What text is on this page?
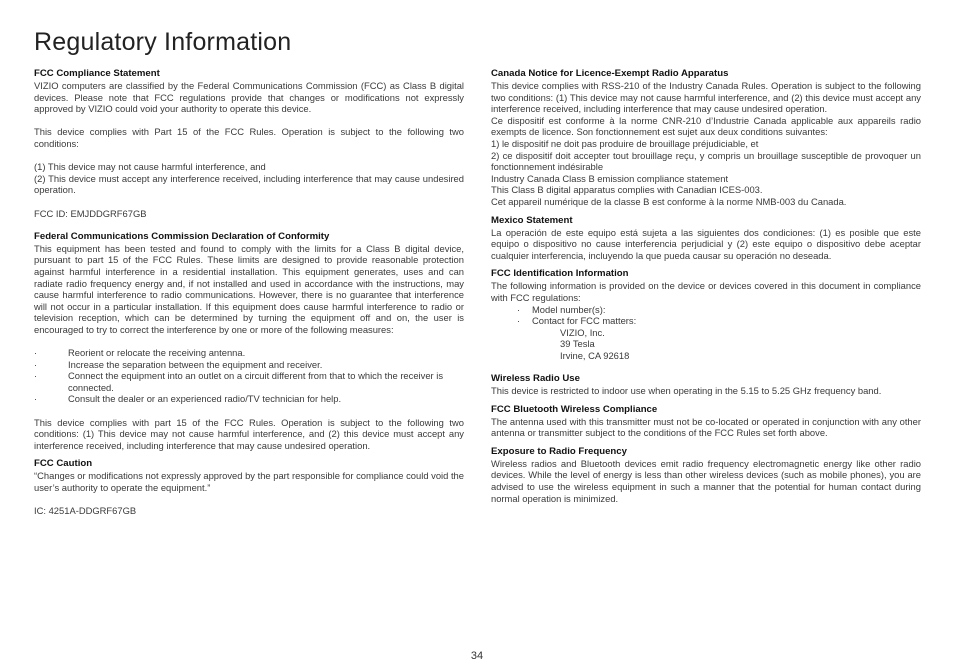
Regulatory Information

FCC Compliance Statement

VIZIO computers are classified by the Federal Communications Commission (FCC) as Class B digital devices. Please note that FCC regulations provide that changes or modifications not expressly approved by VIZIO could void your authority to operate this device.

This device complies with Part 15 of the FCC Rules. Operation is subject to the following two conditions:

(1) This device may not cause harmful interference, and

(2) This device must accept any interference received, including interference that may cause undesired operation.

FCC ID: EMJDDGRF67GB

Federal Communications Commission Declaration of Conformity

This equipment has been tested and found to comply with the limits for a Class B digital device, pursuant to part 15 of the FCC Rules. These limits are designed to provide reasonable protection against harmful interference in a residential installation. This equipment generates, uses and can radiate radio frequency energy and, if not installed and used in accordance with the instructions, may cause harmful interference to radio communications. However, there is no guarantee that interference will not occur in a particular installation. If this equipment does cause harmful interference to radio or television reception, which can be determined by turning the equipment off and on, the user is encouraged to try to correct the interference by one or more of the following measures:

·	Reorient or relocate the receiving antenna.
·	Increase the separation between the equipment and receiver.
·	Connect the equipment into an outlet on a circuit different from that to which the receiver is connected.
·	Consult the dealer or an experienced radio/TV technician for help.

This device complies with part 15 of the FCC Rules. Operation is subject to the following two conditions: (1) This device may not cause harmful interference, and (2) this device must accept any interference received, including interference that may cause undesired operation.

FCC Caution

“Changes or modifications not expressly approved by the part responsible for compliance could void the user’s authority to operate the equipment.”

IC: 4251A-DDGRF67GB

Canada Notice for Licence-Exempt Radio Apparatus

This device complies with RSS-210 of the Industry Canada Rules. Operation is subject to the following two conditions: (1) This device may not cause harmful interference, and (2) this device must accept any interference received, including interference that may cause undesired operation.

Ce dispositif est conforme à la norme CNR-210 d’Industrie Canada applicable aux appareils radio exempts de licence. Son fonctionnement est sujet aux deux conditions suivantes:

1) le dispositif ne doit pas produire de brouillage préjudiciable, et

2) ce dispositif doit accepter tout brouillage reçu, y compris un brouillage susceptible de provoquer un fonctionnement indésirable

Industry Canada Class B emission compliance statement

This Class B digital apparatus complies with Canadian ICES-003.

Cet appareil numérique de la classe B est conforme à la norme NMB-003 du Canada.

Mexico Statement

La operación de este equipo está sujeta a las siguientes dos condiciones: (1) es posible que este equipo o dispositivo no cause interferencia perjudicial y (2) este equipo o dispositivo debe aceptar cualquier interferencia, incluyendo la que pueda causar su operación no deseada.

FCC Identification Information

The following information is provided on the device or devices covered in this document in compliance with FCC regulations:

· Model number(s):
· Contact for FCC matters:

VIZIO, Inc.

39 Tesla

Irvine, CA 92618

Wireless Radio Use

This device is restricted to indoor use when operating in the 5.15 to 5.25 GHz frequency band.

FCC Bluetooth Wireless Compliance

The antenna used with this transmitter must not be co-located or operated in conjunction with any other antenna or transmitter subject to the conditions of the FCC Rules set forth above.

Exposure to Radio Frequency

Wireless radios and Bluetooth devices emit radio frequency electromagnetic energy like other radio devices. While the level of energy is less than other wireless devices (such as mobile phones), you are advised to use the wireless equipment in such a manner that the potential for human contact during normal operation is minimized.

34
